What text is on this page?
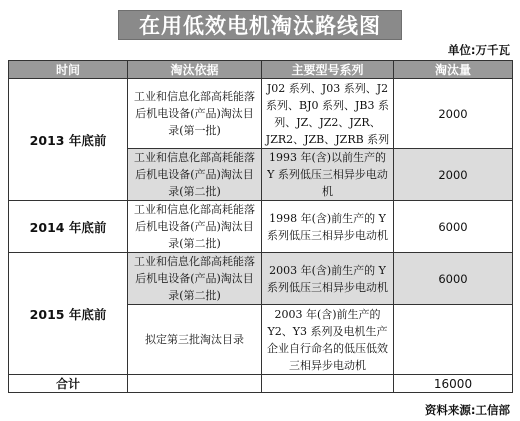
在用低效电机淘汰路线图
单位:万千瓦
时间	淘汰依据	主要型号系列	淘汰量
2013 年底前	工业和信息化部高耗能落后机电设备(产品)淘汰目录(第一批)	J02 系列、J03 系列、J2 系列、BJ0 系列、JB3 系列、JZ、JZ2、JZR、JZR2、JZB、JZRB 系列	2000
	工业和信息化部高耗能落后机电设备(产品)淘汰目录(第二批)	1993 年(含)以前生产的 Y 系列低压三相异步电动机	2000
2014 年底前	工业和信息化部高耗能落后机电设备(产品)淘汰目录(第二批)	1998 年(含)前生产的 Y 系列低压三相异步电动机	6000
2015 年底前	工业和信息化部高耗能落后机电设备(产品)淘汰目录(第二批)	2003 年(含)前生产的 Y 系列低压三相异步电动机	6000
	拟定第三批淘汰目录	2003 年(含)前生产的 Y2、Y3 系列及电机生产企业自行命名的低压低效三相异步电动机	
合计			16000
资料来源:工信部
